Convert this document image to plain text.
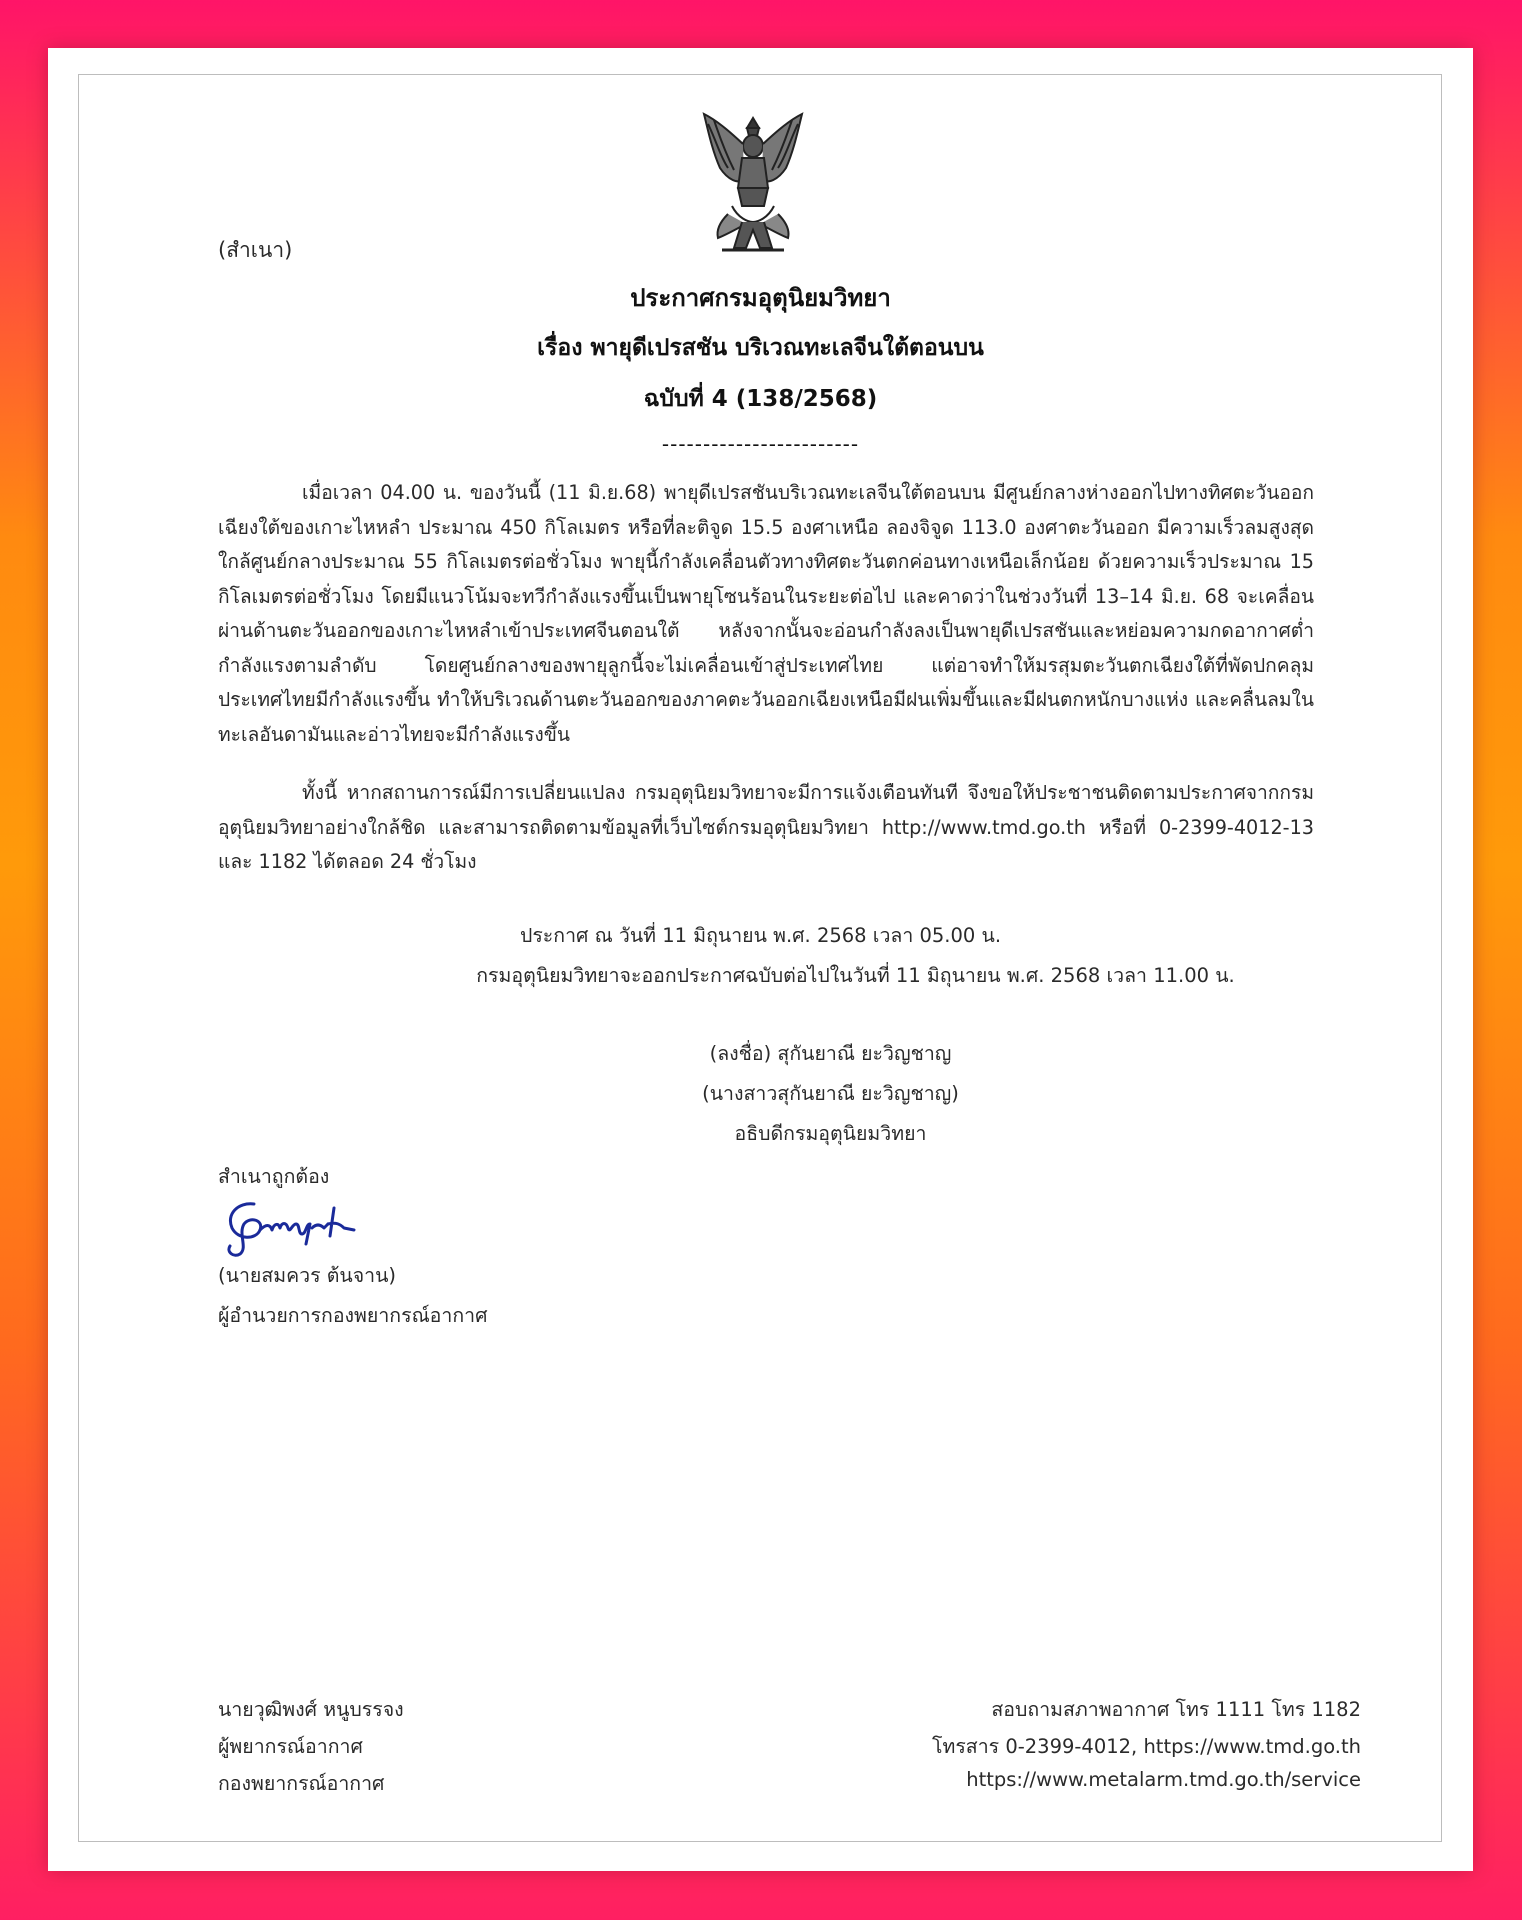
(สำเนา)
ประกาศกรมอุตุนิยมวิทยา
เรื่อง พายุดีเปรสชัน บริเวณทะเลจีนใต้ตอนบน
ฉบับที่ 4 (138/2568)
------------------------

เมื่อเวลา 04.00 น. ของวันนี้ (11 มิ.ย.68) พายุดีเปรสชันบริเวณทะเลจีนใต้ตอนบน มีศูนย์กลางห่างออกไปทางทิศตะวันออกเฉียงใต้ของเกาะไหหลำ ประมาณ 450 กิโลเมตร หรือที่ละติจูด 15.5 องศาเหนือ ลองจิจูด 113.0 องศาตะวันออก มีความเร็วลมสูงสุดใกล้ศูนย์กลางประมาณ 55 กิโลเมตรต่อชั่วโมง พายุนี้กำลังเคลื่อนตัวทางทิศตะวันตกค่อนทางเหนือเล็กน้อย ด้วยความเร็วประมาณ 15 กิโลเมตรต่อชั่วโมง โดยมีแนวโน้มจะทวีกำลังแรงขึ้นเป็นพายุโซนร้อนในระยะต่อไป และคาดว่าในช่วงวันที่ 13–14 มิ.ย. 68 จะเคลื่อนผ่านด้านตะวันออกของเกาะไหหลำเข้าประเทศจีนตอนใต้ หลังจากนั้นจะอ่อนกำลังลงเป็นพายุดีเปรสชันและหย่อมความกดอากาศต่ำกำลังแรงตามลำดับ โดยศูนย์กลางของพายุลูกนี้จะไม่เคลื่อนเข้าสู่ประเทศไทย แต่อาจทำให้มรสุมตะวันตกเฉียงใต้ที่พัดปกคลุมประเทศไทยมีกำลังแรงขึ้น ทำให้บริเวณด้านตะวันออกของภาคตะวันออกเฉียงเหนือมีฝนเพิ่มขึ้นและมีฝนตกหนักบางแห่ง และคลื่นลมในทะเลอันดามันและอ่าวไทยจะมีกำลังแรงขึ้น

ทั้งนี้ หากสถานการณ์มีการเปลี่ยนแปลง กรมอุตุนิยมวิทยาจะมีการแจ้งเตือนทันที จึงขอให้ประชาชนติดตามประกาศจากกรมอุตุนิยมวิทยาอย่างใกล้ชิด และสามารถติดตามข้อมูลที่เว็บไซต์กรมอุตุนิยมวิทยา http://www.tmd.go.th หรือที่ 0-2399-4012-13 และ 1182 ได้ตลอด 24 ชั่วโมง

ประกาศ ณ วันที่ 11 มิถุนายน พ.ศ. 2568 เวลา 05.00 น.
กรมอุตุนิยมวิทยาจะออกประกาศฉบับต่อไปในวันที่ 11 มิถุนายน พ.ศ. 2568 เวลา 11.00 น.
(ลงชื่อ) สุกันยาณี ยะวิญชาญ
(นางสาวสุกันยาณี ยะวิญชาญ)
อธิบดีกรมอุตุนิยมวิทยา
สำเนาถูกต้อง
(นายสมควร ต้นจาน)
ผู้อำนวยการกองพยากรณ์อากาศ
นายวุฒิพงศ์ หนูบรรจง
ผู้พยากรณ์อากาศ
กองพยากรณ์อากาศ
สอบถามสภาพอากาศ โทร 1111 โทร 1182
โทรสาร 0-2399-4012, https://www.tmd.go.th
https://www.metalarm.tmd.go.th/service
